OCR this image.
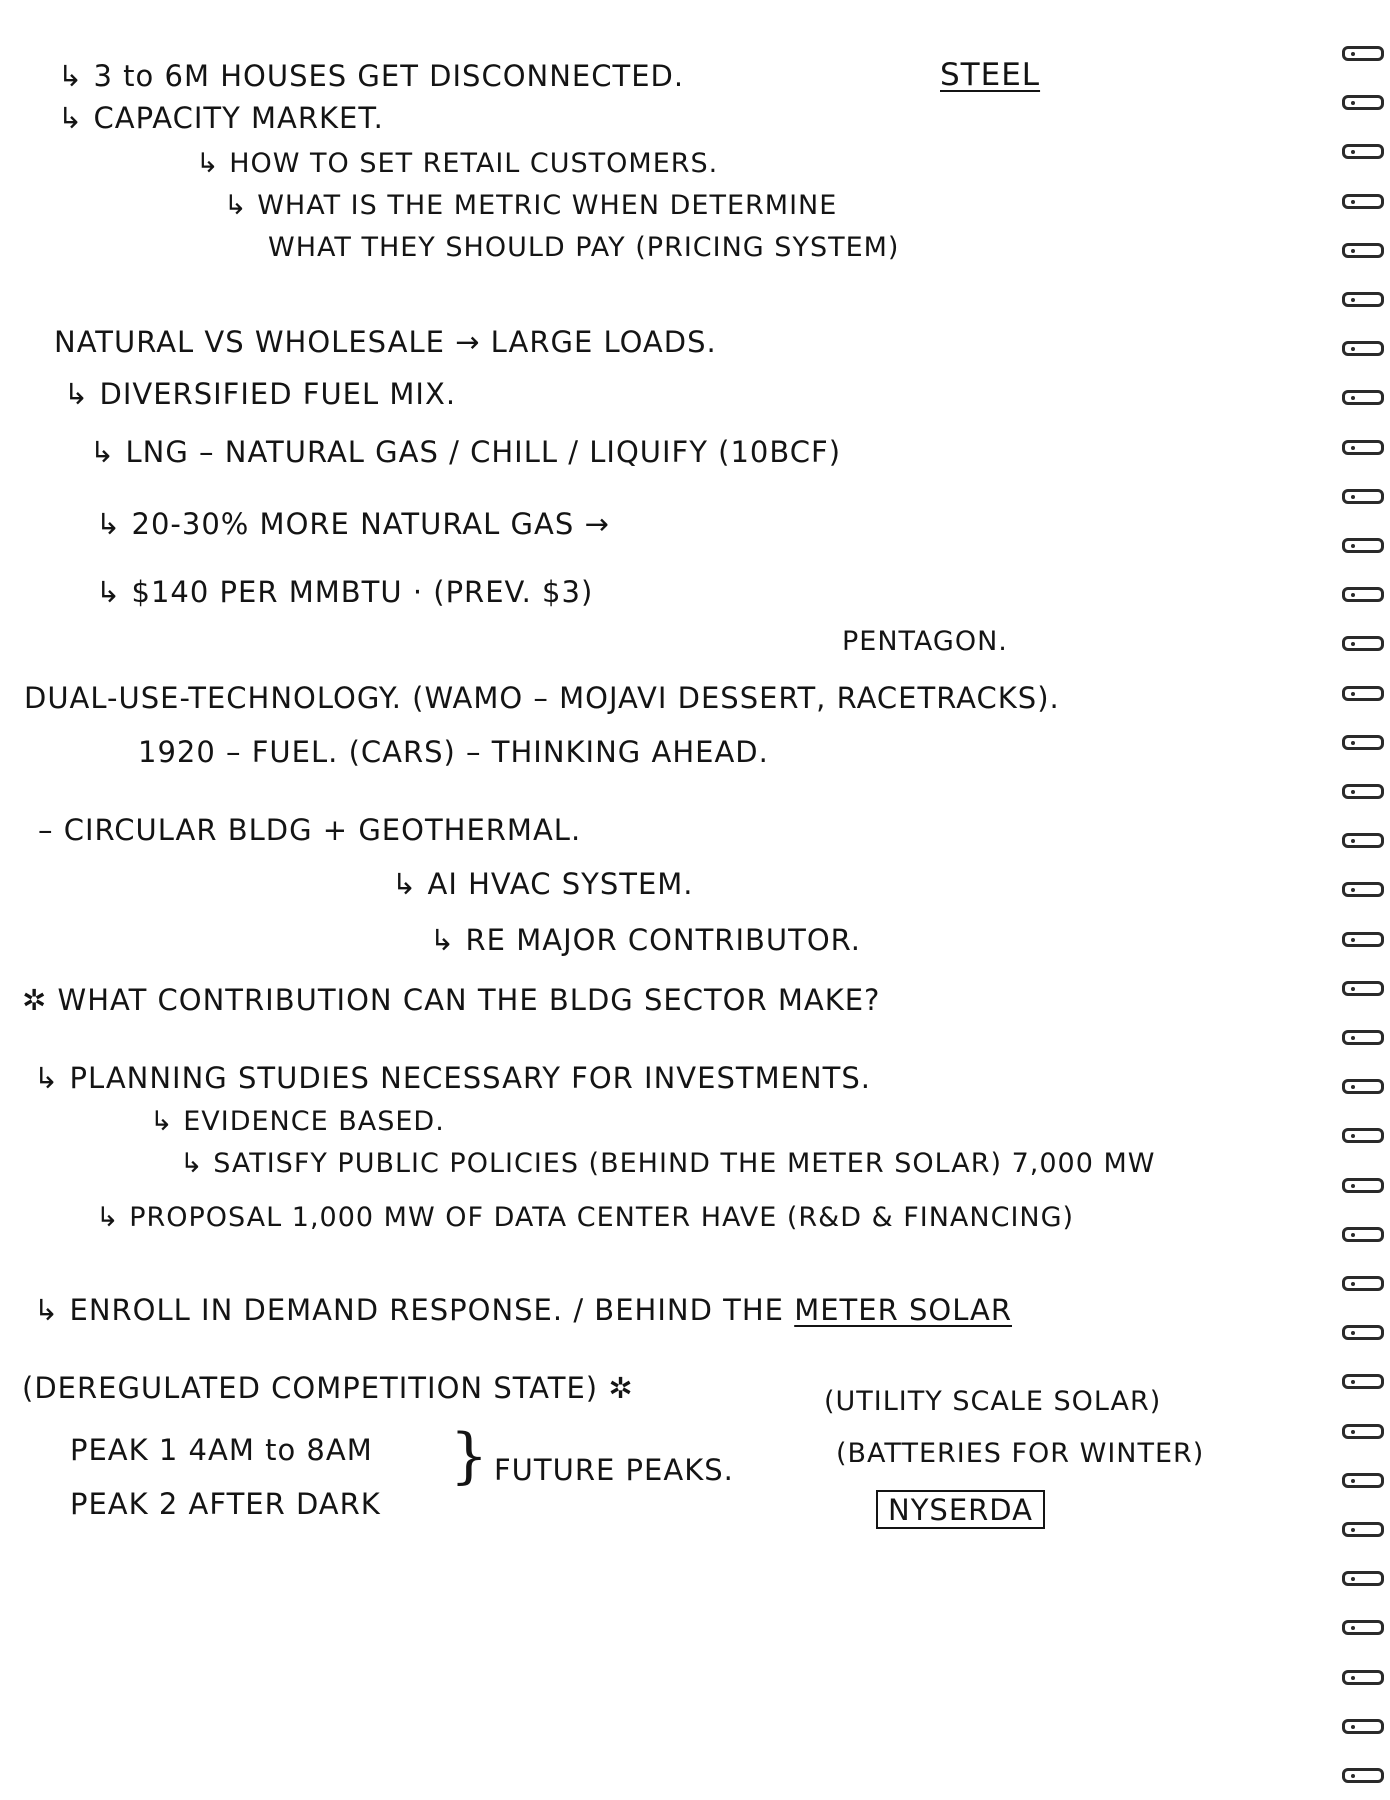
↳ 3 to 6M HOUSES GET DISCONNECTED.	STEEL
↳ CAPACITY MARKET.
↳ HOW TO SET RETAIL CUSTOMERS.
↳ WHAT IS THE METRIC WHEN DETERMINE
WHAT THEY SHOULD PAY (PRICING SYSTEM)
NATURAL VS WHOLESALE → LARGE LOADS.
↳ DIVERSIFIED FUEL MIX.
↳ LNG – NATURAL GAS / CHILL / LIQUIFY (10BCF)
↳ 20-30% MORE NATURAL GAS →
↳ $140 PER MMBTU · (PREV. $3)
PENTAGON.
DUAL-USE-TECHNOLOGY. (WAMO – MOJAVI DESSERT, RACETRACKS).
1920 – FUEL. (CARS) – THINKING AHEAD.
– CIRCULAR BLDG + GEOTHERMAL.
↳ AI HVAC SYSTEM.
↳ RE MAJOR CONTRIBUTOR.
✲ WHAT CONTRIBUTION CAN THE BLDG SECTOR MAKE?
↳ PLANNING STUDIES NECESSARY FOR INVESTMENTS.
↳ EVIDENCE BASED.
↳ SATISFY PUBLIC POLICIES (BEHIND THE METER SOLAR) 7,000 MW
↳ PROPOSAL 1,000 MW OF DATA CENTER HAVE (R&D & FINANCING)
↳ ENROLL IN DEMAND RESPONSE. / BEHIND THE METER SOLAR
(DEREGULATED COMPETITION STATE) ✲
PEAK 1 4AM to 8AM
PEAK 2 AFTER DARK
} FUTURE PEAKS.
(UTILITY SCALE SOLAR)
(BATTERIES FOR WINTER)
NYSERDA
